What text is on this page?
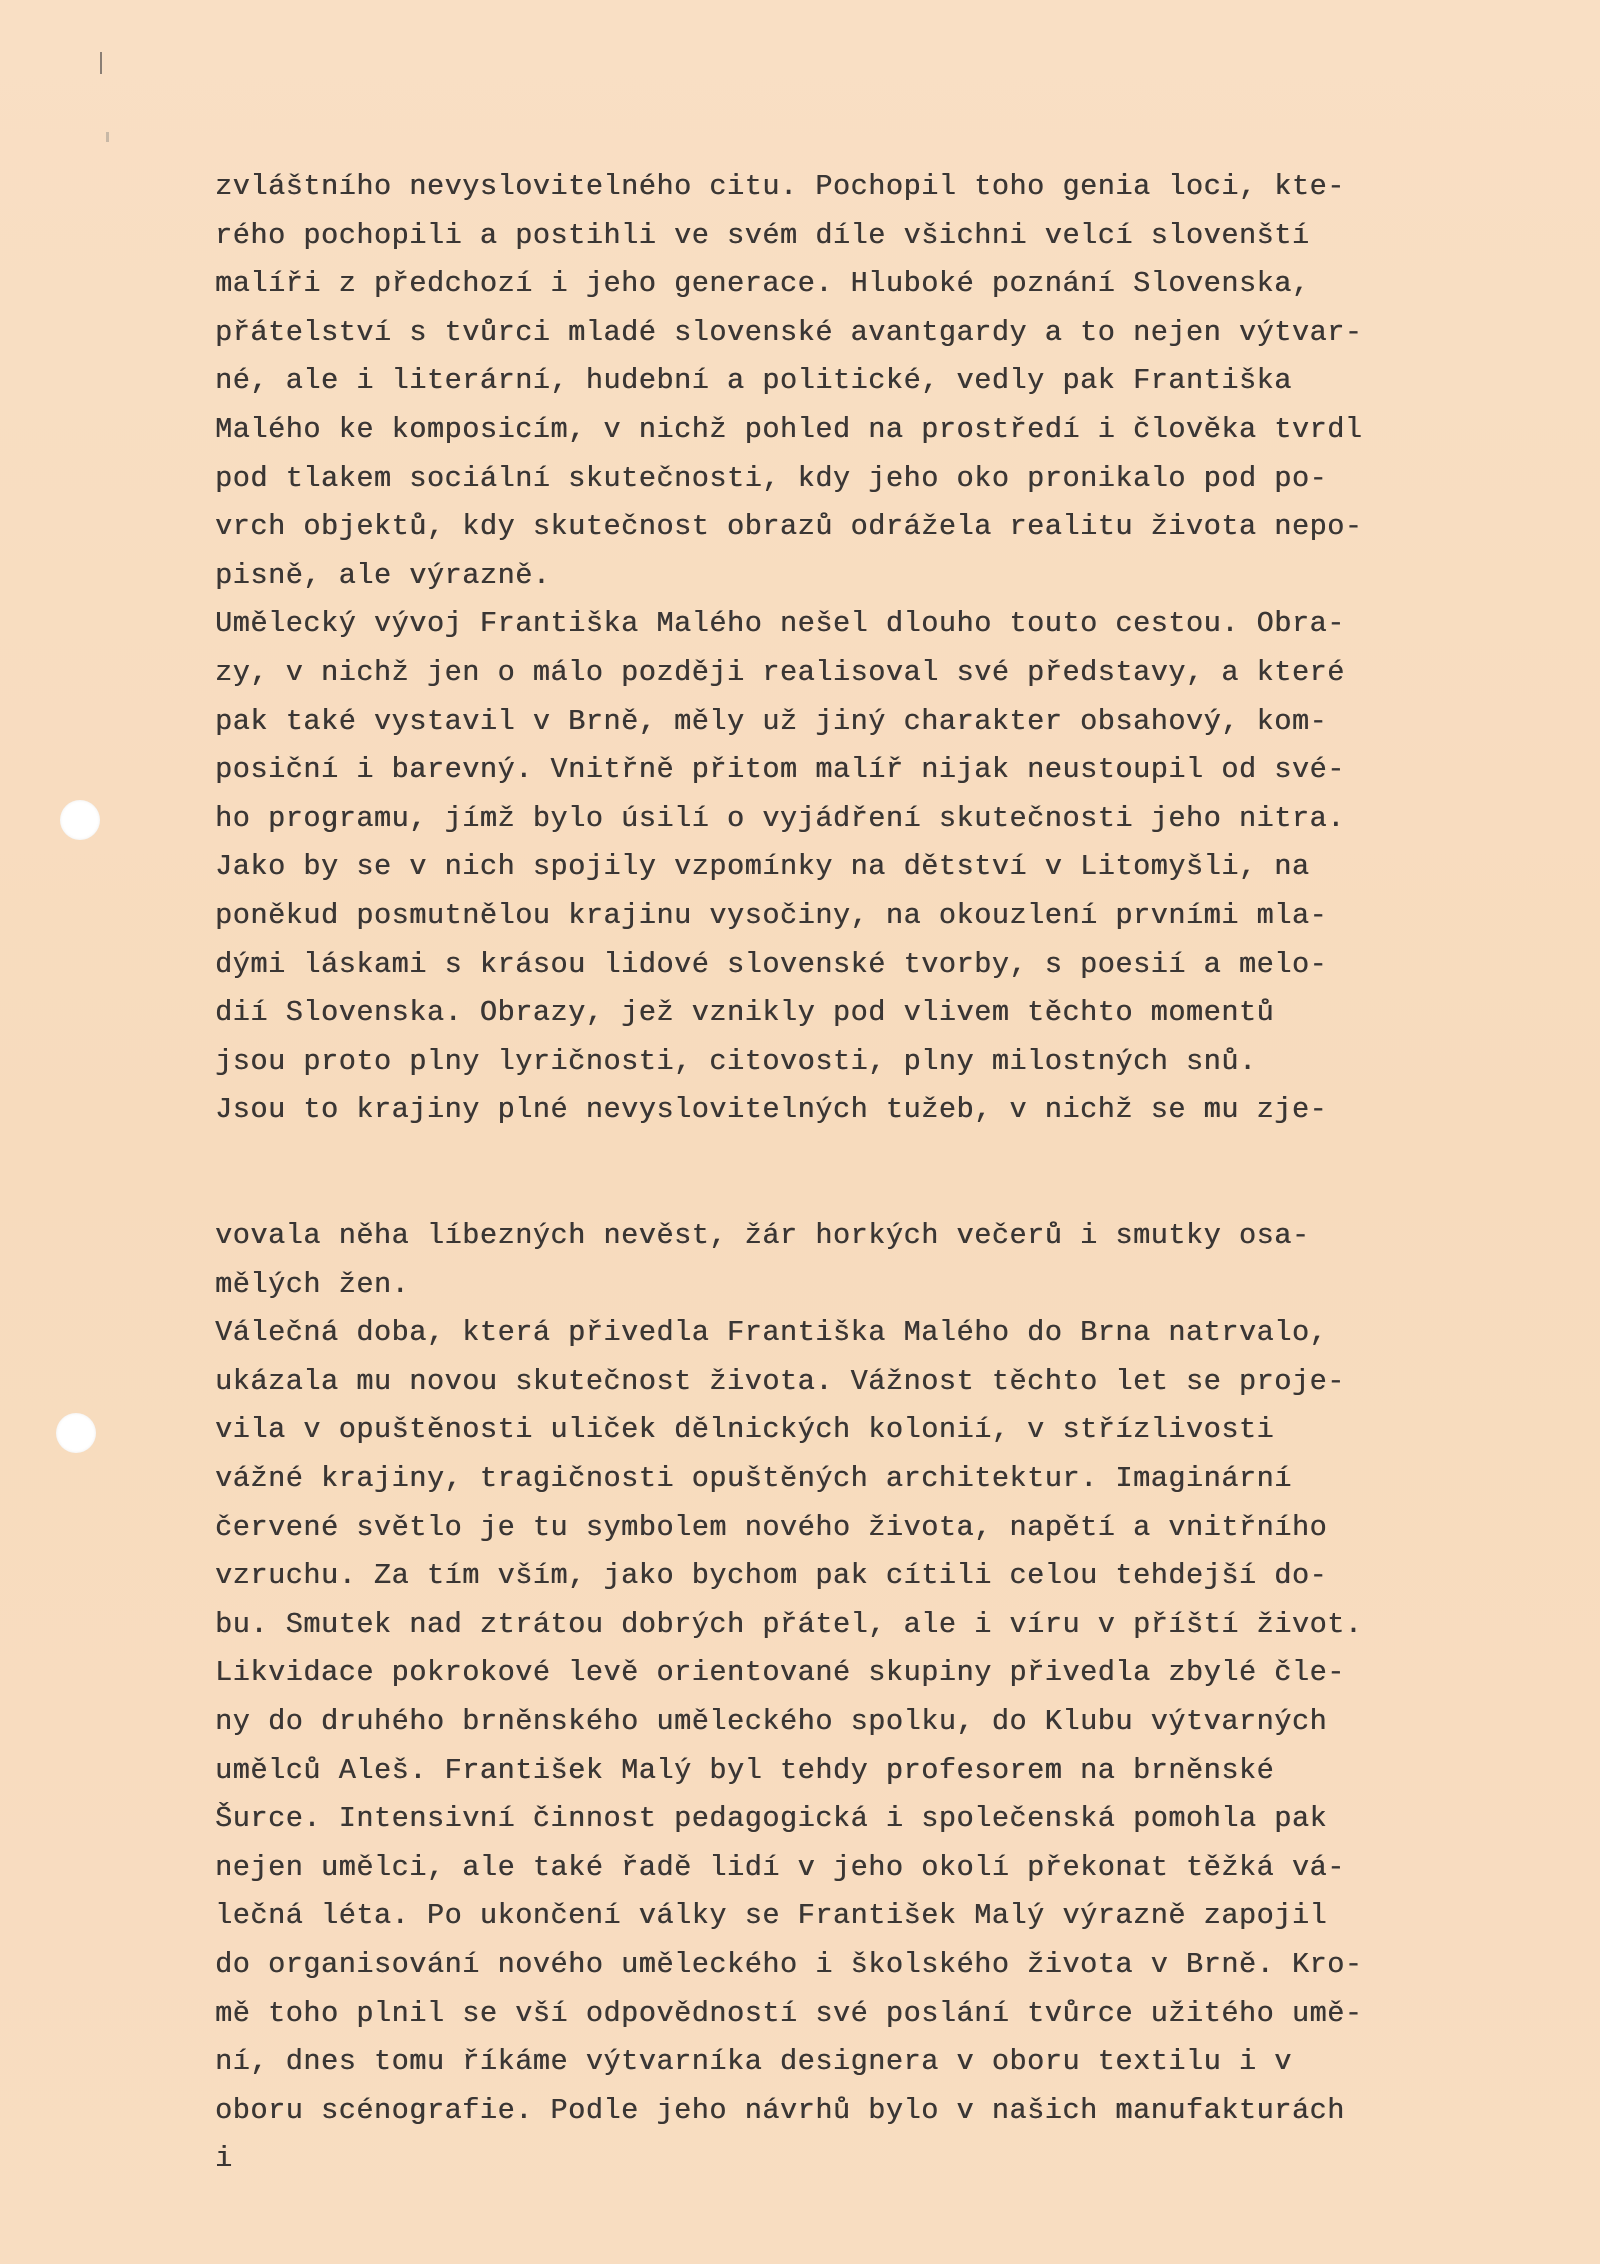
zvláštního nevyslovitelného citu. Pochopil toho genia loci, kte-
rého pochopili a postihli ve svém díle všichni velcí slovenští
malíři z předchozí i jeho generace. Hluboké poznání Slovenska,
přátelství s tvůrci mladé slovenské avantgardy a to nejen výtvar-
né, ale i literární, hudební a politické, vedly pak Františka
Malého ke komposicím, v nichž pohled na prostředí i člověka tvrdl
pod tlakem sociální skutečnosti, kdy jeho oko pronikalo pod po-
vrch objektů, kdy skutečnost obrazů odrážela realitu života nepo-
pisně, ale výrazně.
Umělecký vývoj Františka Malého nešel dlouho touto cestou. Obra-
zy, v nichž jen o málo později realisoval své představy, a které
pak také vystavil v Brně, měly už jiný charakter obsahový, kom-
posiční i barevný. Vnitřně přitom malíř nijak neustoupil od své-
ho programu, jímž bylo úsilí o vyjádření skutečnosti jeho nitra.
Jako by se v nich spojily vzpomínky na dětství v Litomyšli, na
poněkud posmutnělou krajinu vysočiny, na okouzlení prvními mla-
dými láskami s krásou lidové slovenské tvorby, s poesií a melo-
dií Slovenska. Obrazy, jež vznikly pod vlivem těchto momentů
jsou proto plny lyričnosti, citovosti, plny milostných snů.
Jsou to krajiny plné nevyslovitelných tužeb, v nichž se mu zje-
vovala něha líbezných nevěst, žár horkých večerů i smutky osa-
mělých žen.
Válečná doba, která přivedla Františka Malého do Brna natrvalo,
ukázala mu novou skutečnost života. Vážnost těchto let se proje-
vila v opuštěnosti uliček dělnických kolonií, v střízlivosti
vážné krajiny, tragičnosti opuštěných architektur. Imaginární
červené světlo je tu symbolem nového života, napětí a vnitřního
vzruchu. Za tím vším, jako bychom pak cítili celou tehdejší do-
bu. Smutek nad ztrátou dobrých přátel, ale i víru v příští život.
Likvidace pokrokové levě orientované skupiny přivedla zbylé čle-
ny do druhého brněnského uměleckého spolku, do Klubu výtvarných
umělců Aleš. František Malý byl tehdy profesorem na brněnské
Šurce. Intensivní činnost pedagogická i společenská pomohla pak
nejen umělci, ale také řadě lidí v jeho okolí překonat těžká vá-
lečná léta. Po ukončení války se František Malý výrazně zapojil
do organisování nového uměleckého i školského života v Brně. Kro-
mě toho plnil se vší odpovědností své poslání tvůrce užitého umě-
ní, dnes tomu říkáme výtvarníka designera v oboru textilu i v
oboru scénografie. Podle jeho návrhů bylo v našich manufakturách
i
